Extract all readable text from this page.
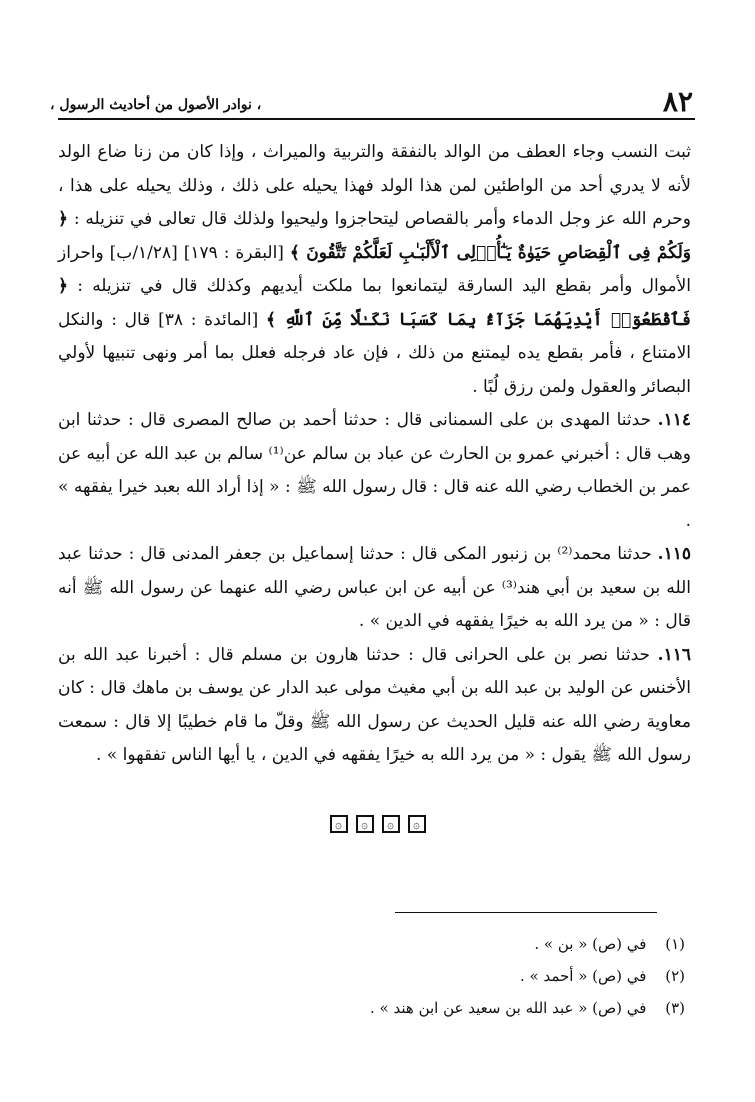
٨٢
، نوادر الأصول من أحاديث الرسول ،

ثبت النسب وجاء العطف من الوالد بالنفقة والتربية والميراث ، وإذا كان من زنا ضاع الولد لأنه لا يدري أحد من الواطئين لمن هذا الولد فهذا يحيله على ذلك ، وذلك يحيله على هذا ، وحرم الله عز وجل الدماء وأمر بالقصاص ليتحاجزوا وليحيوا ولذلك قال تعالى في تنزيله : ﴿ وَلَكُمْ فِى ٱلْقِصَاصِ حَيَوٰةٌ يَـٰٓأُو۟لِى ٱلْأَلْبَـٰبِ لَعَلَّكُمْ تَتَّقُونَ ﴾ [البقرة : ١٧٩] [١/٢٨/ب] واحراز الأموال وأمر بقطع اليد السارقة ليتمانعوا بما ملكت أيديهم وكذلك قال في تنزيله : ﴿ فَٱقْطَعُوٓا۟ أَيْدِيَهُمَا جَزَآءًۢ بِمَا كَسَبَا نَكَـٰلًا مِّنَ ٱللَّهِ ﴾ [المائدة : ٣٨] قال : والنكل الامتناع ، فأمر بقطع يده ليمتنع من ذلك ، فإن عاد فرجله فعلل بما أمر ونهى تنبيها لأولي البصائر والعقول ولمن رزق لُبًا .

١١٤. حدثنا المهدى بن على السمنانى قال : حدثنا أحمد بن صالح المصرى قال : حدثنا ابن وهب قال : أخبرني عمرو بن الحارث عن عباد بن سالم عن⁽¹⁾ سالم بن عبد الله عن أبيه عن عمر بن الخطاب رضي الله عنه قال : قال رسول الله ﷺ : « إذا أراد الله بعبد خيرا يفقهه » .

١١٥. حدثنا محمد⁽²⁾ بن زنبور المكى قال : حدثنا إسماعيل بن جعفر المدنى قال : حدثنا عبد الله بن سعيد بن أبي هند⁽³⁾ عن أبيه عن ابن عباس رضي الله عنهما عن رسول الله ﷺ أنه قال : « من يرد الله به خيرًا يفقهه في الدين » .

١١٦. حدثنا نصر بن على الحرانى قال : حدثنا هارون بن مسلم قال : أخبرنا عبد الله بن الأخنس عن الوليد بن عبد الله بن أبي مغيث مولى عبد الدار عن يوسف بن ماهك قال : كان معاوية رضي الله عنه قليل الحديث عن رسول الله ﷺ وقلّ ما قام خطيبًا إلا قال : سمعت رسول الله ﷺ يقول : « من يرد الله به خيرًا يفقهه في الدين ، يا أيها الناس تفقهوا » .

۞
۞
۞
۞

(١) في (ص) « بن » .

(٢) في (ص) « أحمد » .

(٣) في (ص) « عبد الله بن سعيد عن ابن هند » .
